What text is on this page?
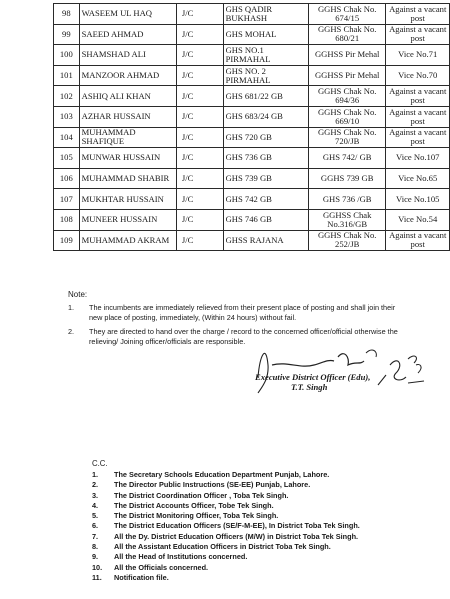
98	WASEEM UL HAQ	J/C	GHS QADIR BUKHASH	GGHS Chak No. 674/15	Against a vacant post
99	SAEED AHMAD	J/C	GHS MOHAL	GGHS Chak No. 680/21	Against a vacant post
100	SHAMSHAD ALI	J/C	GHS NO.1 PIRMAHAL	GGHSS Pir Mehal	Vice No.71
101	MANZOOR AHMAD	J/C	GHS NO. 2 PIRMAHAL	GGHSS Pir Mehal	Vice No.70
102	ASHIQ ALI KHAN	J/C	GHS 681/22 GB	GGHS Chak No. 694/36	Against a vacant post
103	AZHAR HUSSAIN	J/C	GHS 683/24 GB	GGHS Chak No. 669/10	Against a vacant post
104	MUHAMMAD SHAFIQUE	J/C	GHS 720 GB	GGHS Chak No. 720/JB	Against a vacant post
105	MUNWAR HUSSAIN	J/C	GHS 736 GB	GHS 742/ GB	Vice No.107
106	MUHAMMAD SHABIR	J/C	GHS 739 GB	GGHS 739 GB	Vice No.65
107	MUKHTAR HUSSAIN	J/C	GHS 742 GB	GHS 736 /GB	Vice No.105
108	MUNEER HUSSAIN	J/C	GHS 746 GB	GGHSS Chak No.316/GB	Vice No.54
109	MUHAMMAD AKRAM	J/C	GHSS RAJANA	GGHS Chak No. 252/JB	Against a vacant post
Note:
1. The incumbents are immediately relieved from their present place of posting and shall join their new place of posting, immediately, (Within 24 hours) without fail.
2. They are directed to hand over the charge / record to the concerned officer/official otherwise the relieving/ Joining officer/officials are responsible.
Executive District Officer (Edu),
T.T. Singh
C.C.
1.	The Secretary Schools Education Department Punjab, Lahore.
2.	The Director Public Instructions (SE-EE) Punjab, Lahore.
3.	The District Coordination Officer , Toba Tek Singh.
4.	The District Accounts Officer, Tobe Tek Singh.
5.	The District Monitoring Officer, Toba Tek Singh.
6.	The District Education Officers (SE/F-M-EE), In District Toba Tek Singh.
7.	All the Dy. District Education Officers (M/W) in District Toba Tek Singh.
8.	All the Assistant Education Officers in District Toba Tek Singh.
9.	All the Head of Institutions concerned.
10.	All the Officials concerned.
11.	Notification file.
